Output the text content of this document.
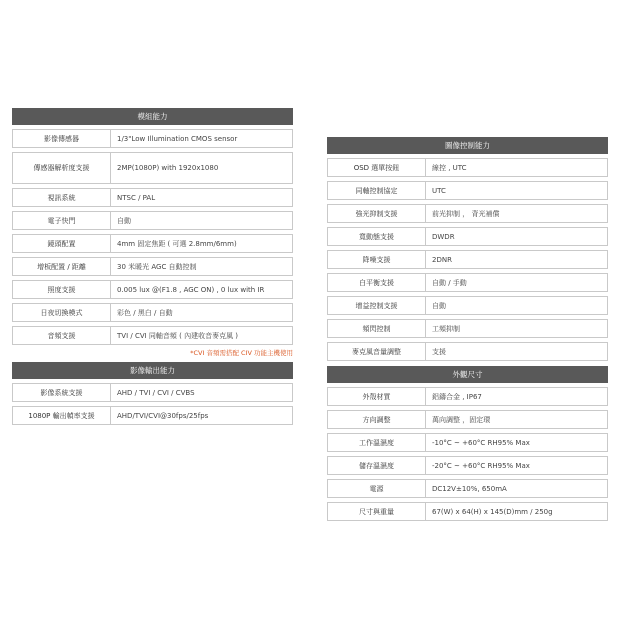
模組能力
影像傳感器	1/3"Low Illumination CMOS sensor
傳感器解析度支援	2MP(1080P) with 1920x1080
視訊系統	NTSC / PAL
電子快門	自動
鏡頭配置	4mm 固定焦距 ( 可選 2.8mm/6mm)
增板配置 / 距離	30 米暖光 AGC 自動控制
照度支援	0.005 lux @(F1.8 , AGC ON) , 0 lux with IR
日夜切換模式	彩色 / 黑白 / 自動
音頻支援	TVI / CVI 同軸音頻 ( 內建收音麥克風 )
*CVI 音頻需搭配 CIV 功能主機使用
影像輸出能力
影像系統支援	AHD / TVI / CVI / CVBS
1080P 輸出幀率支援	AHD/TVI/CVI@30fps/25fps
圖像控制能力
OSD 選單按鈕	線控 , UTC
同軸控制協定	UTC
強光抑制支援	前光抑制 ， 背光補償
寬動態支援	DWDR
降噪支援	2DNR
白平衡支援	自動 / 手動
增益控制支援	自動
頻閃控制	工頻抑制
麥克風音量調整	支援
外觀尺寸
外殼材質	鋁鑄合金 , IP67
方向調整	萬向調整 ，固定環
工作溫濕度	-10°C ~ +60°C RH95% Max
儲存溫濕度	-20°C ~ +60°C RH95% Max
電源	DC12V±10%, 650mA
尺寸與重量	67(W) x 64(H) x 145(D)mm / 250g
